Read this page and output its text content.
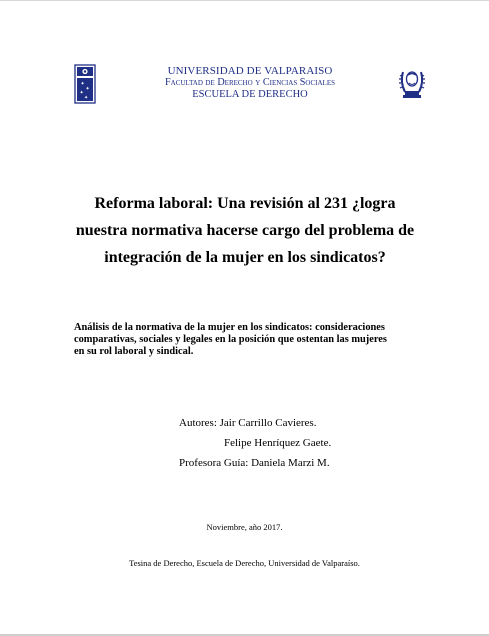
✦
✦
✦
✦
UNIVERSIDAD DE VALPARAISO
Facultad de Derecho y Ciencias Sociales
ESCUELA DE DERECHO
Reforma laboral: Una revisión al 231 ¿logra
nuestra normativa hacerse cargo del problema de
integración de la mujer en los sindicatos?
Análisis de la normativa de la mujer en los sindicatos: consideraciones
comparativas, sociales y legales en la posición que ostentan las mujeres
en su rol laboral y sindical.
Autores: Jair Carrillo Cavieres.
Felipe Henríquez Gaete.
Profesora Guía: Daniela Marzi M.
Noviembre, año 2017.
Tesina de Derecho, Escuela de Derecho, Universidad de Valparaíso.
